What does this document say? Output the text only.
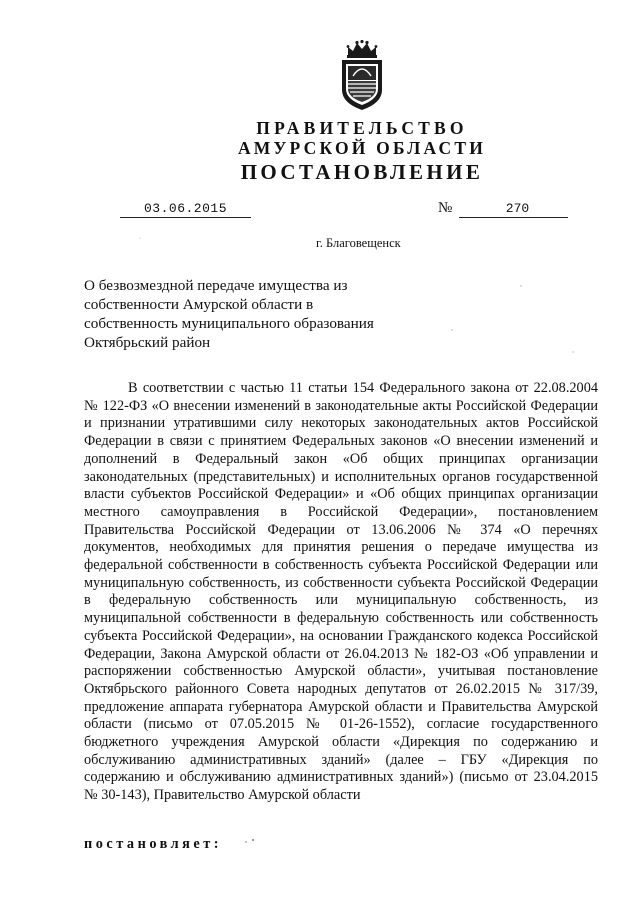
ПРАВИТЕЛЬСТВО
АМУРСКОЙ ОБЛАСТИ
ПОСТАНОВЛЕНИЕ
03.06.2015	№	270
г. Благовещенск
О безвозмездной передаче имущества из собственности Амурской области в собственность муниципального образования Октябрьский район
В соответствии с частью 11 статьи 154 Федерального закона от 22.08.2004 № 122-ФЗ «О внесении изменений в законодательные акты Российской Федерации и признании утратившими силу некоторых законодательных актов Российской Федерации в связи с принятием Федеральных законов «О внесении изменений и дополнений в Федеральный закон «Об общих принципах организации законодательных (представительных) и исполнительных органов государственной власти субъектов Российской Федерации» и «Об общих принципах организации местного самоуправления в Российской Федерации», постановлением Правительства Российской Федерации от 13.06.2006 № 374 «О перечнях документов, необходимых для принятия решения о передаче имущества из федеральной собственности в собственность субъекта Российской Федерации или муниципальную собственность, из собственности субъекта Российской Федерации в федеральную собственность или муниципальную собственность, из муниципальной собственности в федеральную собственность или собственность субъекта Российской Федерации», на основании Гражданского кодекса Российской Федерации, Закона Амурской области от 26.04.2013 № 182-ОЗ «Об управлении и распоряжении собственностью Амурской области», учитывая постановление Октябрьского районного Совета народных депутатов от 26.02.2015 № 317/39, предложение аппарата губернатора Амурской области и Правительства Амурской области (письмо от 07.05.2015 № 01-26-1552), согласие государственного бюджетного учреждения Амурской области «Дирекция по содержанию и обслуживанию административных зданий» (далее – ГБУ «Дирекция по содержанию и обслуживанию административных зданий») (письмо от 23.04.2015 № 30-143), Правительство Амурской области
постановляет:
